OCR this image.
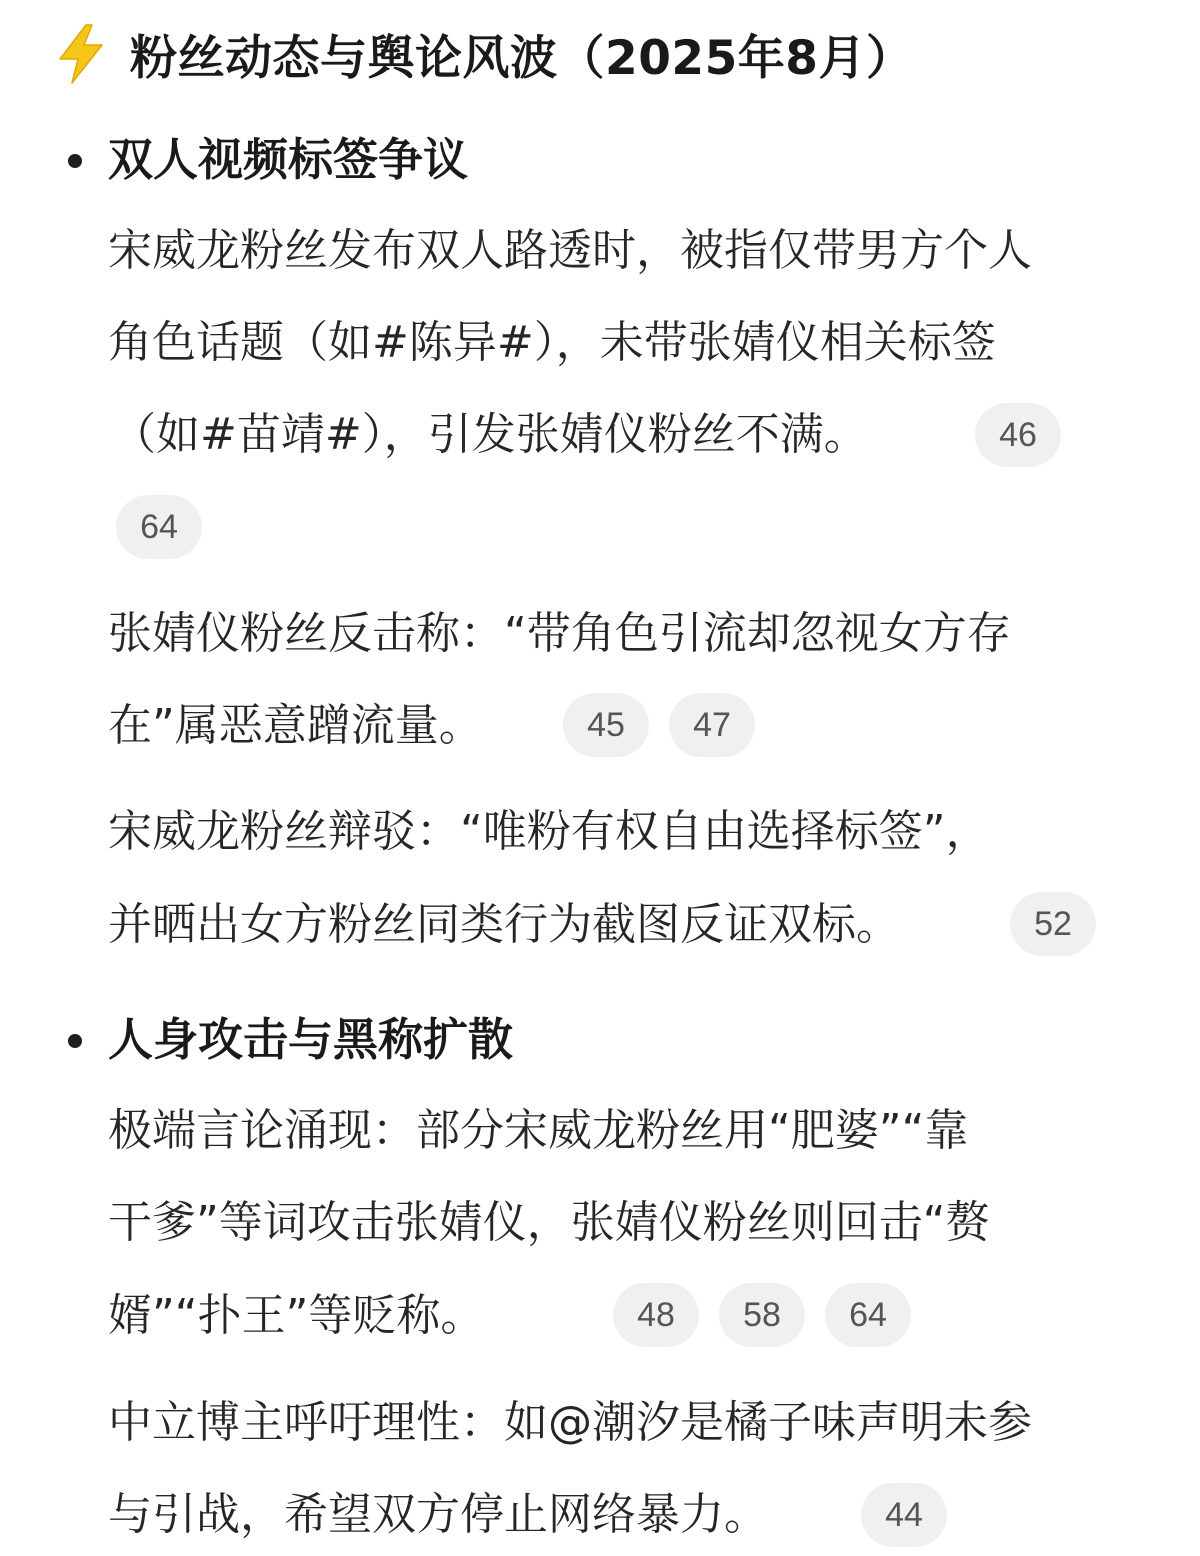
粉丝动态与舆论风波（2025年8月）
双人视频标签争议
宋威龙粉丝发布双人路透时，被指仅带男方个人
角色话题（如#陈异#），未带张婧仪相关标签
（如#苗靖#），引发张婧仪粉丝不满。	46
64
张婧仪粉丝反击称：“带角色引流却忽视女方存
在”属恶意蹭流量。	45	47
宋威龙粉丝辩驳：“唯粉有权自由选择标签”，
并晒出女方粉丝同类行为截图反证双标。	52
人身攻击与黑称扩散
极端言论涌现：部分宋威龙粉丝用“肥婆”“靠
干爹”等词攻击张婧仪，张婧仪粉丝则回击“赘
婿”“扑王”等贬称。	48	58	64
中立博主呼吁理性：如@潮汐是橘子味声明未参
与引战，希望双方停止网络暴力。	44
